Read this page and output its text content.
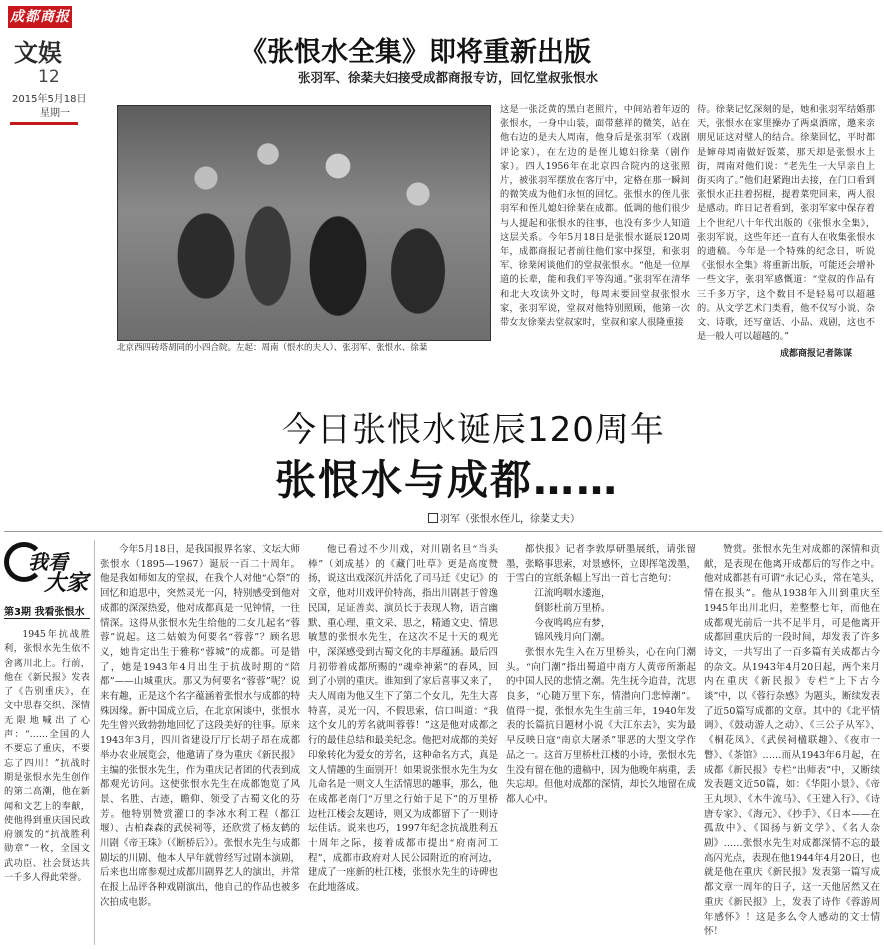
成都商报
文娱
12
2015年5月18日
星期一
《张恨水全集》即将重新出版
张羽军、徐棻夫妇接受成都商报专访，回忆堂叔张恨水
北京西四砖塔胡同的小四合院。左起：周南（恨水的夫人）、张羽军、张恨水、徐棻
这是一张泛黄的黑白老照片，中间站着年迈的张恨水，一身中山装，面带慈祥的微笑，站在他右边的是夫人周南，他身后是张羽军（戏剧评论家），在左边的是侄儿媳妇徐棻（剧作家）。四人1956年在北京四合院内的这张照片，被张羽军摆放在客厅中，定格在那一瞬间的微笑成为他们永恒的回忆。张恨水的侄儿张羽军和侄儿媳妇徐棻在成都。低调的他们很少与人提起和张恨水的往事，也没有多少人知道这层关系。今年5月18日是张恨水诞辰120周年，成都商报记者前往他们家中探望，和张羽军、徐棻闲谈他们的堂叔张恨水。“他是一位厚道的长辈，能和我们平等沟通。”张羽军在清华和北大攻读外文时，每周末要回堂叔张恨水家，张羽军说，堂叔对他特别照顾，他第一次带女友徐棻去堂叔家时，堂叔和家人很隆重接
待。徐棻记忆深刻的是，她和张羽军结婚那天，张恨水在家里操办了两桌酒席，邀来亲朋见证这对璧人的结合。徐棻回忆，平时都是婶母周南做好饭菜，那天却是张恨水上街，周南对他们说：“老先生一大早亲自上街买肉了。”他们赶紧跑出去接，在门口看到张恨水正拄着拐棍，提着菜兜回来，两人很是感动。昨日记者看到，张羽军家中保存着上个世纪八十年代出版的《张恨水全集》，张羽军说，这些年还一直有人在收集张恨水的遗稿。今年是一个特殊的纪念日，听说《张恨水全集》将重新出版，可能还会增补一些文字，张羽军感慨道：“堂叔的作品有三千多万字，这个数目不是轻易可以超越的。从文学艺术门类看，他不仅写小说、杂文、诗歌，还写童话、小品、戏剧，这也不是一般人可以超越的。”
成都商报记者陈谋
今日张恨水诞辰120周年
张恨水与成都……
羽军（张恨水侄儿，徐棻丈夫）
我看
大家
第3期 我看张恨水

1945年抗战胜利，张恨水先生依不舍离川北上。行前，他在《新民报》发表了《告别重庆》，在文中思春交织、深情无限地喊出了心声：“……全国的人不要忘了重庆，不要忘了四川！”抗战时期是张恨水先生创作的第二高潮，他在新闻和文艺上的奉献，使他得到重庆国民政府颁发的“抗战胜利勋章”一枚，全国文武功臣、社会贤达共一千多人得此荣誉。

今年5月18日，是我国报界名家、文坛大师张恨水（1895—1967）诞辰一百二十周年。他是我如师如友的堂叔，在我个人对他“心祭”的回忆和追思中，突然灵光一闪，特别感受到他对成都的深深热爱，他对成都真是一见钟情，一往情深。这得从张恨水先生给他的二女儿起名“蓉蓉”说起。这二姑娘为何要名“蓉蓉”？顾名思义，她肯定出生于雅称“蓉城”的成都。可是错了，她是1943年4月出生于抗战时期的“陪都”——山城重庆。那又为何要名“蓉蓉”呢？说来有趣，正是这个名字蕴涵着张恨水与成都的特殊因缘。新中国成立后，在北京闲谈中，张恨水先生曾兴致勃勃地回忆了这段美好的往事。原来1943年3月，四川省建设厅厅长胡子昂在成都举办农业展览会，他邀请了身为重庆《新民报》主编的张恨水先生，作为重庆记者团的代表到成都观光访问。这使张恨水先生在成都饱览了风景、名胜、古迹，瞻仰、领受了古蜀文化的芬芳。他特别赞赏灌口的李冰水利工程（都江堰）、古柏森森的武侯祠等，还欣赏了杨友鹤的川剧《帝王珠》（《断桥后》）。张恨水先生与成都剧坛的川剧、他本人早年就曾经写过剧本演剧，后来也出席参观过成都川剧界艺人的演出，并常在报上品评各种戏剧演出，他自己的作品也被多次拍成电影。

他已看过不少川戏，对川剧名旦“当头棒”（刘成基）的《藏门吐草》更是高度赞扬，说这出戏深沉并活化了司马迁《史记》的文章，他对川戏评价特高，指出川剧甚于曾逸民国，足证善卖、演员长于表现人物，语言幽默、重心理、重文采、思之，精通文史、情思敏慧的张恨水先生，在这次不足十天的观光中，深深感受到古蜀文化的丰厚蕴涵。最后四月初带着成都所赐的“魂牵神萦”的春风，回到了小别的重庆。谁知到了家后喜事又来了，夫人周南为他又生下了第二个女儿，先生大喜特喜，灵光一闪，不假思索，信口叫道：“我这个女儿的芳名就叫蓉蓉！”这是他对成都之行的最佳总结和最美纪念。他把对成都的美好印象转化为爱女的芳名，这种命名方式，真是文人情趣的生面别开！如果说张恨水先生为女儿命名是一则文人生活情思的趣事，那么，他在成都老南门“万里之行始于足下”的万里桥边杜江楼会友题诗，则又为成都留下了一则诗坛佳话。说来也巧，1997年纪念抗战胜利五十周年之际，接着成都市提出“府南河工程”，成都市政府对人民公园附近的府河边，建成了一座新的杜江楼，张恨水先生的诗碑也在此地落成。

都快报》记者李敦厚研墨展纸，请张留墨，张略事思索，对景感怀，立即挥笔泼墨，于雪白的宣纸条幅上写出一首七言绝句：

江流呜咽水逶迤，

倒影杜前万里桥。

今夜鸣鸣应有梦，

锦风残月向门潮。

张恨水先生入在万里桥头，心在向门潮头。“向门潮”指出蜀道中南方人黄帝所渐起的中国人民的悲情之潮。先生抚今追昔，沈思良多，“心随万里下东，情潜向门悲悼潮”。值得一提，张恨水先生生前三年，1940年发表的长篇抗日题材小说《大江东去》，实为最早反映日寇“南京大屠杀”罪恶的大型文学作品之一。这首万里桥杜江楼的小诗，张恨水先生没有留在他的遗稿中，因为他晚年病重，丢失忘却。但他对成都的深情，却长久地留在成都人心中。

赞赏。张恨水先生对成都的深情和贡献，是表现在他离开成都后的写作之中。他对成都甚有可谓“永记心头，常在笔头，情在报头”。他从1938年入川到重庆至1945年出川北归，差整整七年，而他在成都观光前后一共不足半月，可是他离开成都回重庆后的一段时间，却发表了许多诗文，一共写出了一百多篇有关成都古今的杂文。从1943年4月20日起，两个来月内在重庆《新民报》专栏“上下古今谈”中，以《蓉行杂感》为题头，断续发表了近50篇写成都的文章。其中的《北平情调》、《鼓动游人之动》、《三公子从军》、《桐花凤》、《武侯祠楹联趣》、《夜市一瞥》、《茶馆》……而从1943年6月起，在成都《新民报》专栏“出师表”中，又断续发表题文近50篇，如：《华阳小景》、《帝王丸坝》、《木牛流马》、《王建入行》、《诗唐专家》、《海元》、《抄手》、《日本——在孤敌中》、《国扬与新文学》、《名人杂剧》……张恨水先生对成都深情不忘的最高闪光点，表现在他1944年4月20日，也就是他在重庆《新民报》发表第一篇写成都文章一周年的日子，这一天他居然又在重庆《新民报》上，发表了诗作《蓉游周年感怀》！这是多么令人感动的文士情怀！
